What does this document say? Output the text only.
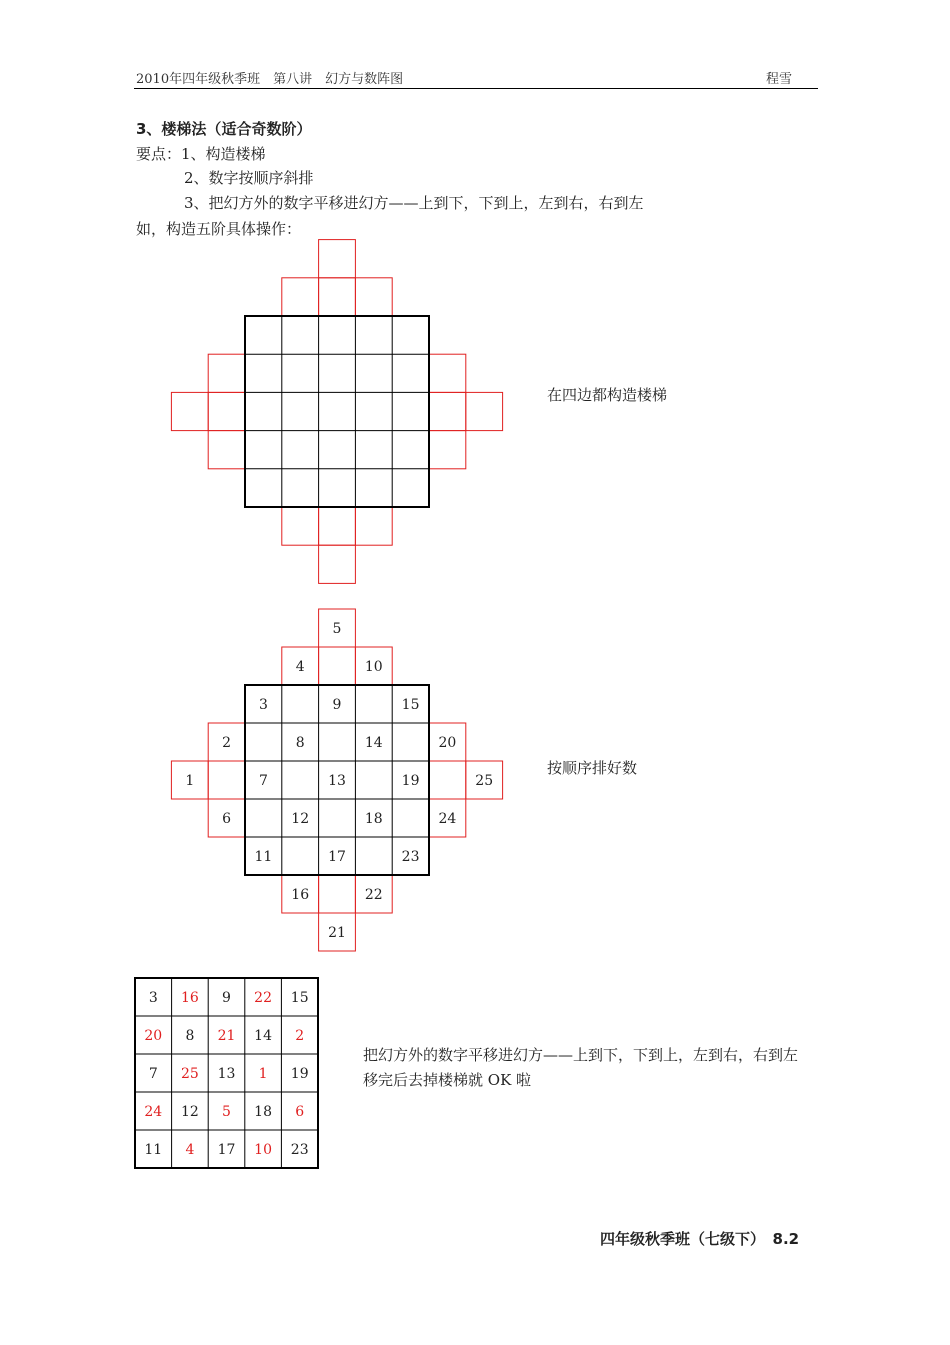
2010年四年级秋季班　第八讲　幻方与数阵图	程雪
3、楼梯法（适合奇数阶）
要点：1、构造楼梯
2、数字按顺序斜排
3、把幻方外的数字平移进幻方——上到下，下到上，左到右，右到左
如，构造五阶具体操作：
5
4	10
3	9	15
2	8	14	20
1	7	13	19	25
6	12	18	24
11	17	23
16	22
21
3 16 9 22 15
20 8 21 14 2
7 25 13 1 19
24 12 5 18 6
11 4 17 10 23
在四边都构造楼梯
按顺序排好数
把幻方外的数字平移进幻方——上到下，下到上，左到右，右到左
移完后去掉楼梯就 OK 啦
四年级秋季班（七级下）　8.2
